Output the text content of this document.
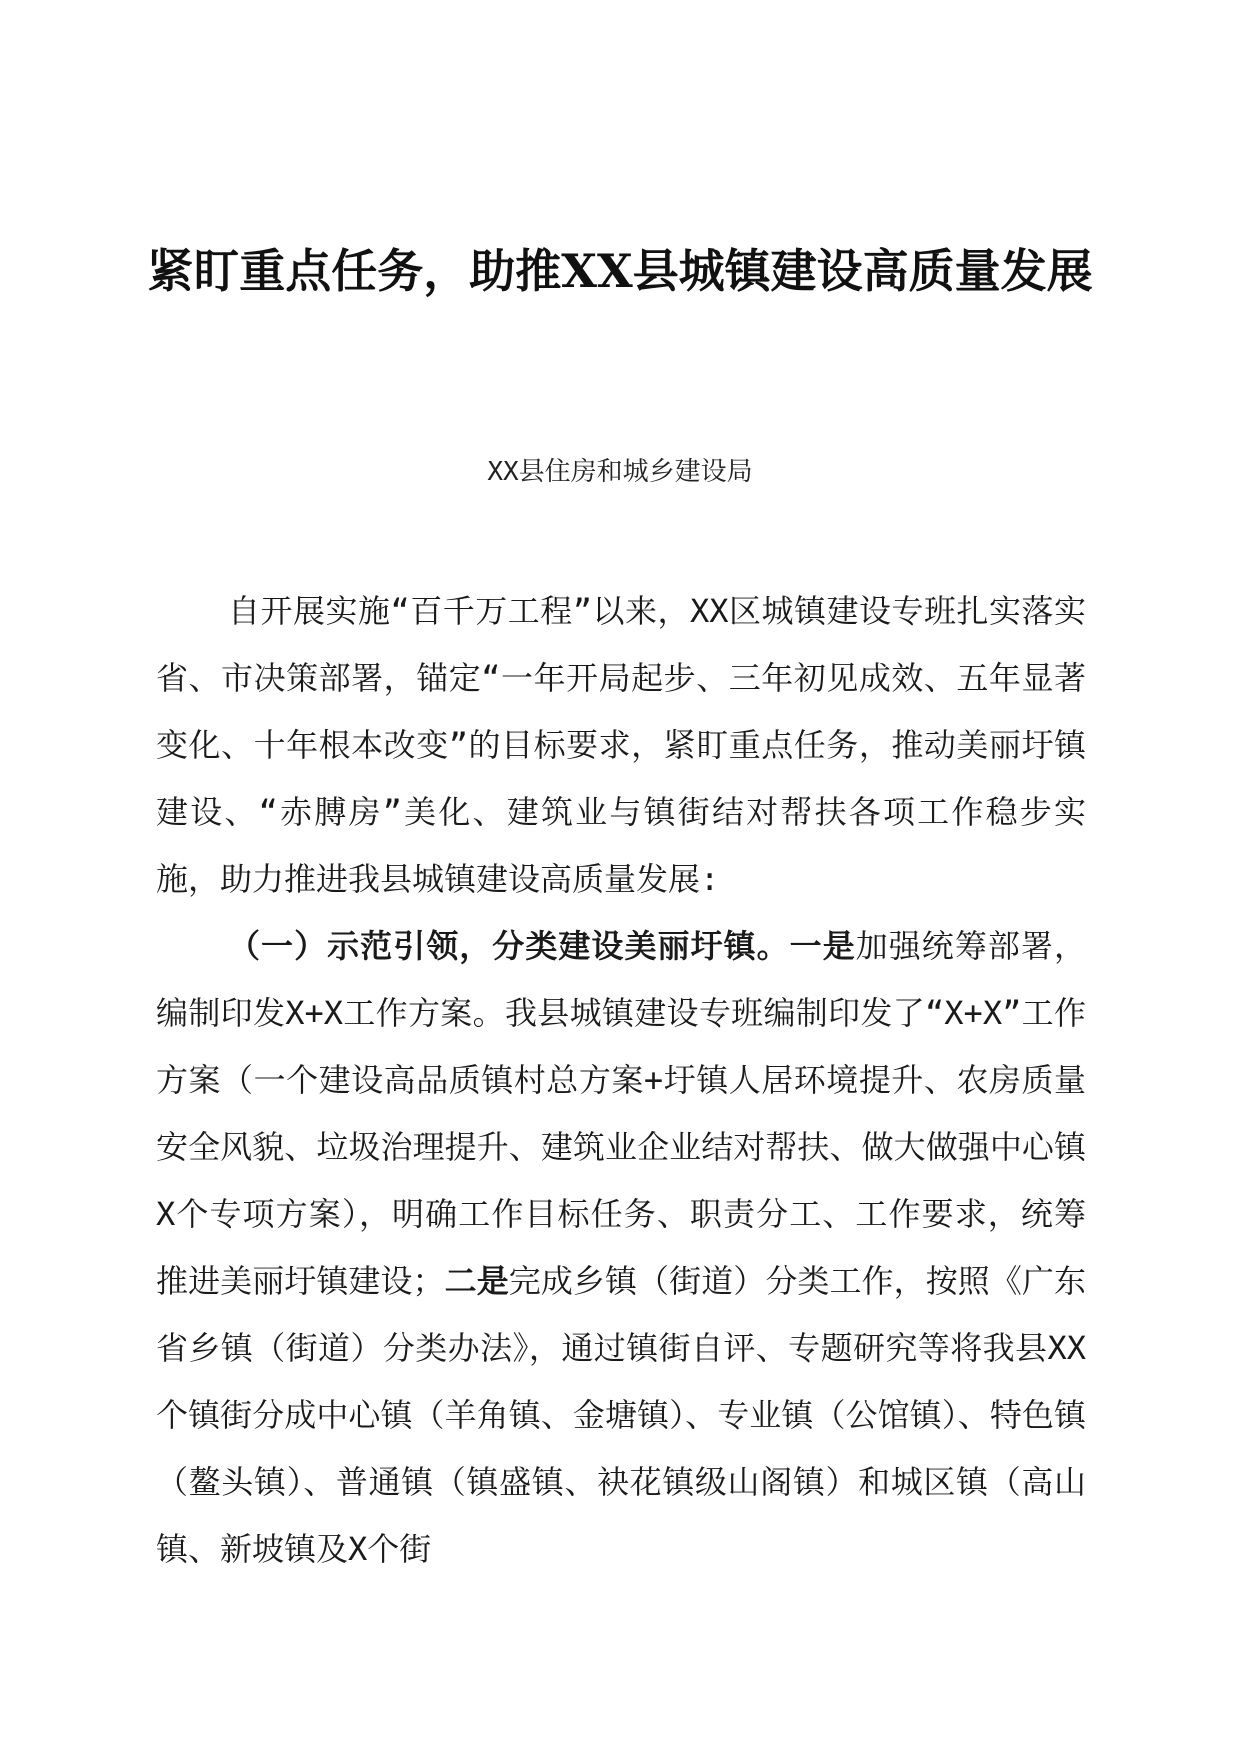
紧盯重点任务，助推XX县城镇建设高质量发展
XX县住房和城乡建设局

自开展实施“百千万工程”以来，XX区城镇建设专班扎实落实省、市决策部署，锚定“一年开局起步、三年初见成效、五年显著变化、十年根本改变”的目标要求，紧盯重点任务，推动美丽圩镇建设、“赤膊房”美化、建筑业与镇街结对帮扶各项工作稳步实施，助力推进我县城镇建设高质量发展:

（一）示范引领，分类建设美丽圩镇。一是加强统筹部署，编制印发X+X工作方案。我县城镇建设专班编制印发了“X+X”工作方案（一个建设高品质镇村总方案+圩镇人居环境提升、农房质量安全风貌、垃圾治理提升、建筑业企业结对帮扶、做大做强中心镇X个专项方案），明确工作目标任务、职责分工、工作要求，统筹推进美丽圩镇建设；二是完成乡镇（街道）分类工作，按照《广东省乡镇（街道）分类办法》，通过镇街自评、专题研究等将我县XX个镇街分成中心镇（羊角镇、金塘镇）、专业镇（公馆镇）、特色镇（鳌头镇）、普通镇（镇盛镇、袂花镇级山阁镇）和城区镇（高山镇、新坡镇及X个街
